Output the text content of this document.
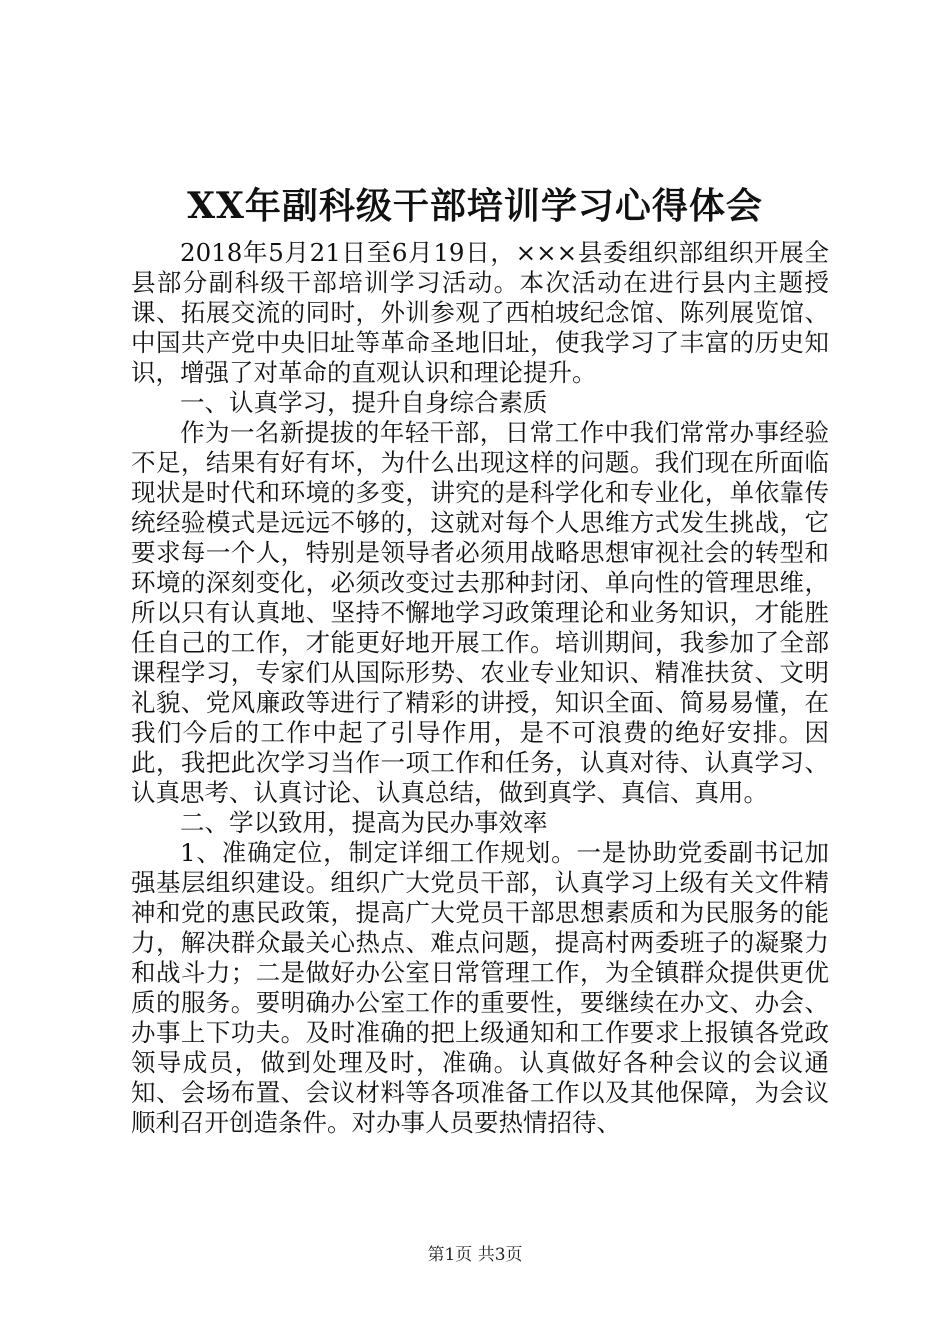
XX年副科级干部培训学习心得体会

2018年5月21日至6月19日，×××县委组织部组织开展全县部分副科级干部培训学习活动。本次活动在进行县内主题授课、拓展交流的同时，外训参观了西柏坡纪念馆、陈列展览馆、中国共产党中央旧址等革命圣地旧址，使我学习了丰富的历史知识，增强了对革命的直观认识和理论提升。

一、认真学习，提升自身综合素质

作为一名新提拔的年轻干部，日常工作中我们常常办事经验不足，结果有好有坏，为什么出现这样的问题。我们现在所面临现状是时代和环境的多变，讲究的是科学化和专业化，单依靠传统经验模式是远远不够的，这就对每个人思维方式发生挑战，它要求每一个人，特别是领导者必须用战略思想审视社会的转型和环境的深刻变化，必须改变过去那种封闭、单向性的管理思维，所以只有认真地、坚持不懈地学习政策理论和业务知识，才能胜任自己的工作，才能更好地开展工作。培训期间，我参加了全部课程学习，专家们从国际形势、农业专业知识、精准扶贫、文明礼貌、党风廉政等进行了精彩的讲授，知识全面、简易易懂，在我们今后的工作中起了引导作用，是不可浪费的绝好安排。因此，我把此次学习当作一项工作和任务，认真对待、认真学习、认真思考、认真讨论、认真总结，做到真学、真信、真用。

二、学以致用，提高为民办事效率

1、准确定位，制定详细工作规划。一是协助党委副书记加强基层组织建设。组织广大党员干部，认真学习上级有关文件精神和党的惠民政策，提高广大党员干部思想素质和为民服务的能力，解决群众最关心热点、难点问题，提高村两委班子的凝聚力和战斗力；二是做好办公室日常管理工作，为全镇群众提供更优质的服务。要明确办公室工作的重要性，要继续在办文、办会、办事上下功夫。及时准确的把上级通知和工作要求上报镇各党政领导成员，做到处理及时，准确。认真做好各种会议的会议通知、会场布置、会议材料等各项准备工作以及其他保障，为会议顺利召开创造条件。对办事人员要热情招待、

第1页 共3页
